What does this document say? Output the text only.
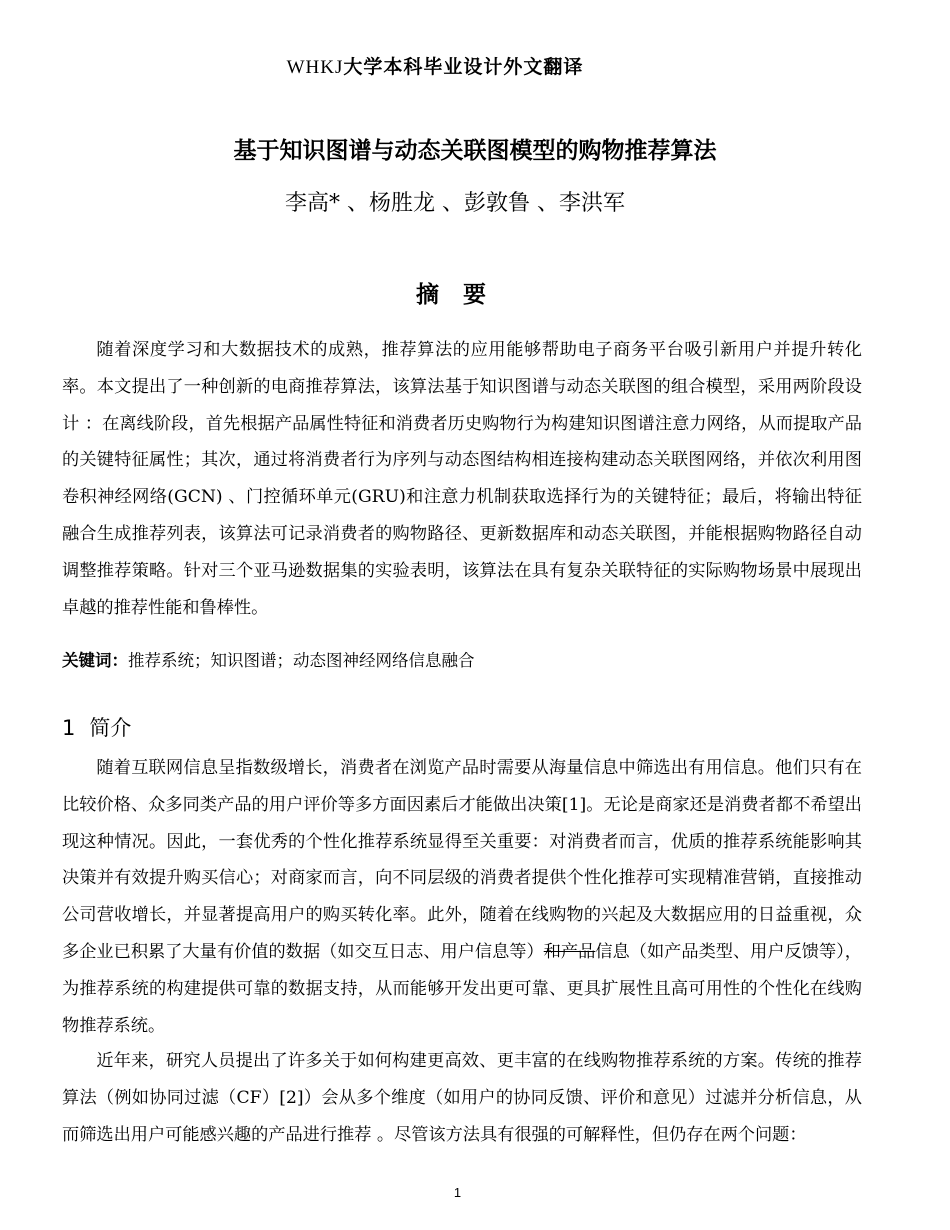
WHKJ大学本科毕业设计外文翻译
基于知识图谱与动态关联图模型的购物推荐算法
李高* 、杨胜龙 、彭敦鲁 、李洪军
摘 要

随着深度学习和大数据技术的成熟，推荐算法的应用能够帮助电子商务平台吸引新用户并提升转化率。本文提出了一种创新的电商推荐算法，该算法基于知识图谱与动态关联图的组合模型，采用两阶段设计 ：在离线阶段，首先根据产品属性特征和消费者历史购物行为构建知识图谱注意力网络，从而提取产品的关键特征属性；其次，通过将消费者行为序列与动态图结构相连接构建动态关联图网络，并依次利用图卷积神经网络(GCN) 、门控循环单元(GRU)和注意力机制获取选择行为的关键特征；最后，将输出特征融合生成推荐列表，该算法可记录消费者的购物路径、更新数据库和动态关联图，并能根据购物路径自动调整推荐策略。针对三个亚马逊数据集的实验表明，该算法在具有复杂关联特征的实际购物场景中展现出卓越的推荐性能和鲁棒性。

关键词：推荐系统；知识图谱；动态图神经网络信息融合
1 简介

随着互联网信息呈指数级增长，消费者在浏览产品时需要从海量信息中筛选出有用信息。他们只有在比较价格、众多同类产品的用户评价等多方面因素后才能做出决策[1]。无论是商家还是消费者都不希望出现这种情况。因此，一套优秀的个性化推荐系统显得至关重要：对消费者而言，优质的推荐系统能影响其决策并有效提升购买信心；对商家而言，向不同层级的消费者提供个性化推荐可实现精准营销，直接推动公司营收增长，并显著提高用户的购买转化率。此外，随着在线购物的兴起及大数据应用的日益重视，众多企业已积累了大量有价值的数据（如交互日志、用户信息等）和产品信息（如产品类型、用户反馈等），为推荐系统的构建提供可靠的数据支持，从而能够开发出更可靠、更具扩展性且高可用性的个性化在线购物推荐系统。

近年来，研究人员提出了许多关于如何构建更高效、更丰富的在线购物推荐系统的方案。传统的推荐算法（例如协同过滤（CF）[2]）会从多个维度（如用户的协同反馈、评价和意见）过滤并分析信息，从而筛选出用户可能感兴趣的产品进行推荐 。尽管该方法具有很强的可解释性，但仍存在两个问题：

1
